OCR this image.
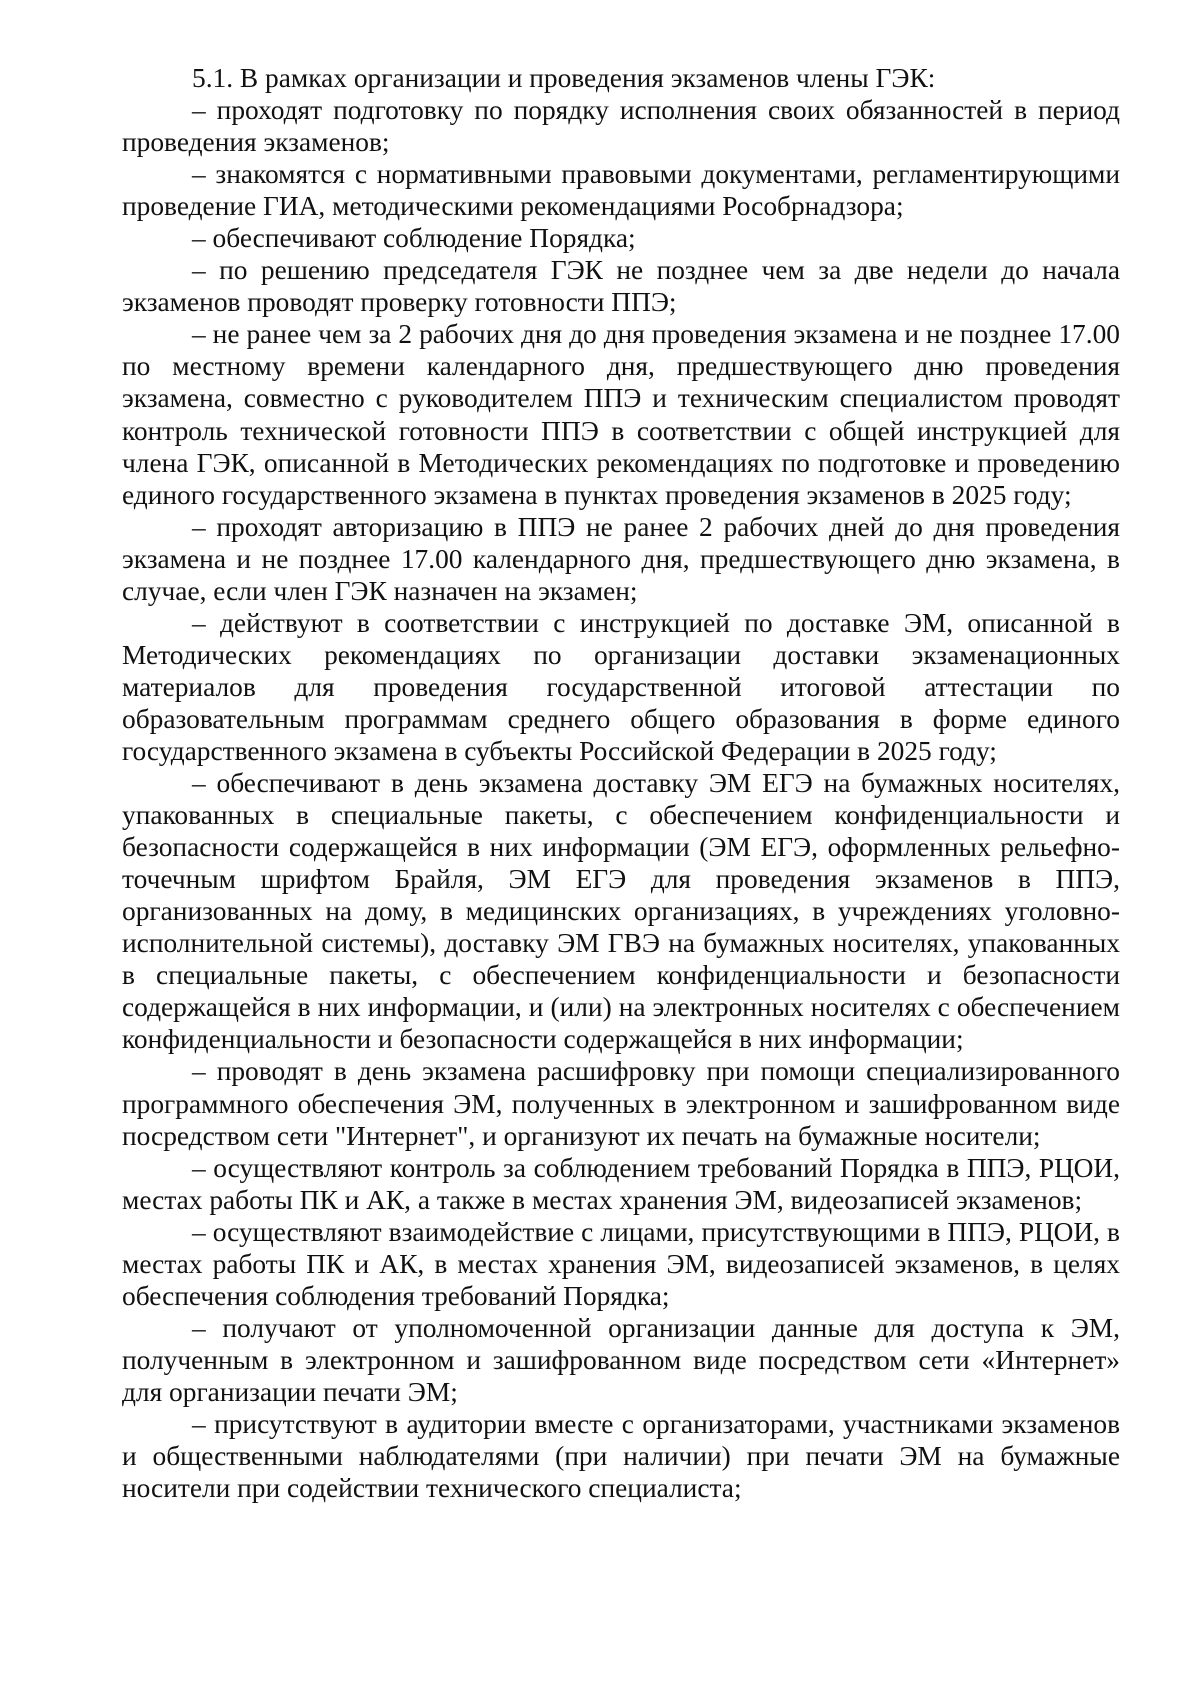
5.1. В рамках организации и проведения экзаменов члены ГЭК:

– проходят подготовку по порядку исполнения своих обязанностей в период проведения экзаменов;

– знакомятся с нормативными правовыми документами, регламентирующими проведение ГИА, методическими рекомендациями Рособрнадзора;

– обеспечивают соблюдение Порядка;

– по решению председателя ГЭК не позднее чем за две недели до начала экзаменов проводят проверку готовности ППЭ;

– не ранее чем за 2 рабочих дня до дня проведения экзамена и не позднее 17.00 по местному времени календарного дня, предшествующего дню проведения экзамена, совместно с руководителем ППЭ и техническим специалистом проводят контроль технической готовности ППЭ в соответствии с общей инструкцией для члена ГЭК, описанной в Методических рекомендациях по подготовке и проведению единого государственного экзамена в пунктах проведения экзаменов в 2025 году;

– проходят авторизацию в ППЭ не ранее 2 рабочих дней до дня проведения экзамена и не позднее 17.00 календарного дня, предшествующего дню экзамена, в случае, если член ГЭК назначен на экзамен;

– действуют в соответствии с инструкцией по доставке ЭМ, описанной в Методических рекомендациях по организации доставки экзаменационных материалов для проведения государственной итоговой аттестации по образовательным программам среднего общего образования в форме единого государственного экзамена в субъекты Российской Федерации в 2025 году;

– обеспечивают в день экзамена доставку ЭМ ЕГЭ на бумажных носителях, упакованных в специальные пакеты, с обеспечением конфиденциальности и безопасности содержащейся в них информации (ЭМ ЕГЭ, оформленных рельефно-точечным шрифтом Брайля, ЭМ ЕГЭ для проведения экзаменов в ППЭ, организованных на дому, в медицинских организациях, в учреждениях уголовно-исполнительной системы), доставку ЭМ ГВЭ на бумажных носителях, упакованных в специальные пакеты, с обеспечением конфиденциальности и безопасности содержащейся в них информации, и (или) на электронных носителях с обеспечением конфиденциальности и безопасности содержащейся в них информации;

– проводят в день экзамена расшифровку при помощи специализированного программного обеспечения ЭМ, полученных в электронном и зашифрованном виде посредством сети "Интернет", и организуют их печать на бумажные носители;

– осуществляют контроль за соблюдением требований Порядка в ППЭ, РЦОИ, местах работы ПК и АК, а также в местах хранения ЭМ, видеозаписей экзаменов;

– осуществляют взаимодействие с лицами, присутствующими в ППЭ, РЦОИ, в местах работы ПК и АК, в местах хранения ЭМ, видеозаписей экзаменов, в целях обеспечения соблюдения требований Порядка;

– получают от уполномоченной организации данные для доступа к ЭМ, полученным в электронном и зашифрованном виде посредством сети «Интернет» для организации печати ЭМ;

– присутствуют в аудитории вместе с организаторами, участниками экзаменов и общественными наблюдателями (при наличии) при печати ЭМ на бумажные носители при содействии технического специалиста;
